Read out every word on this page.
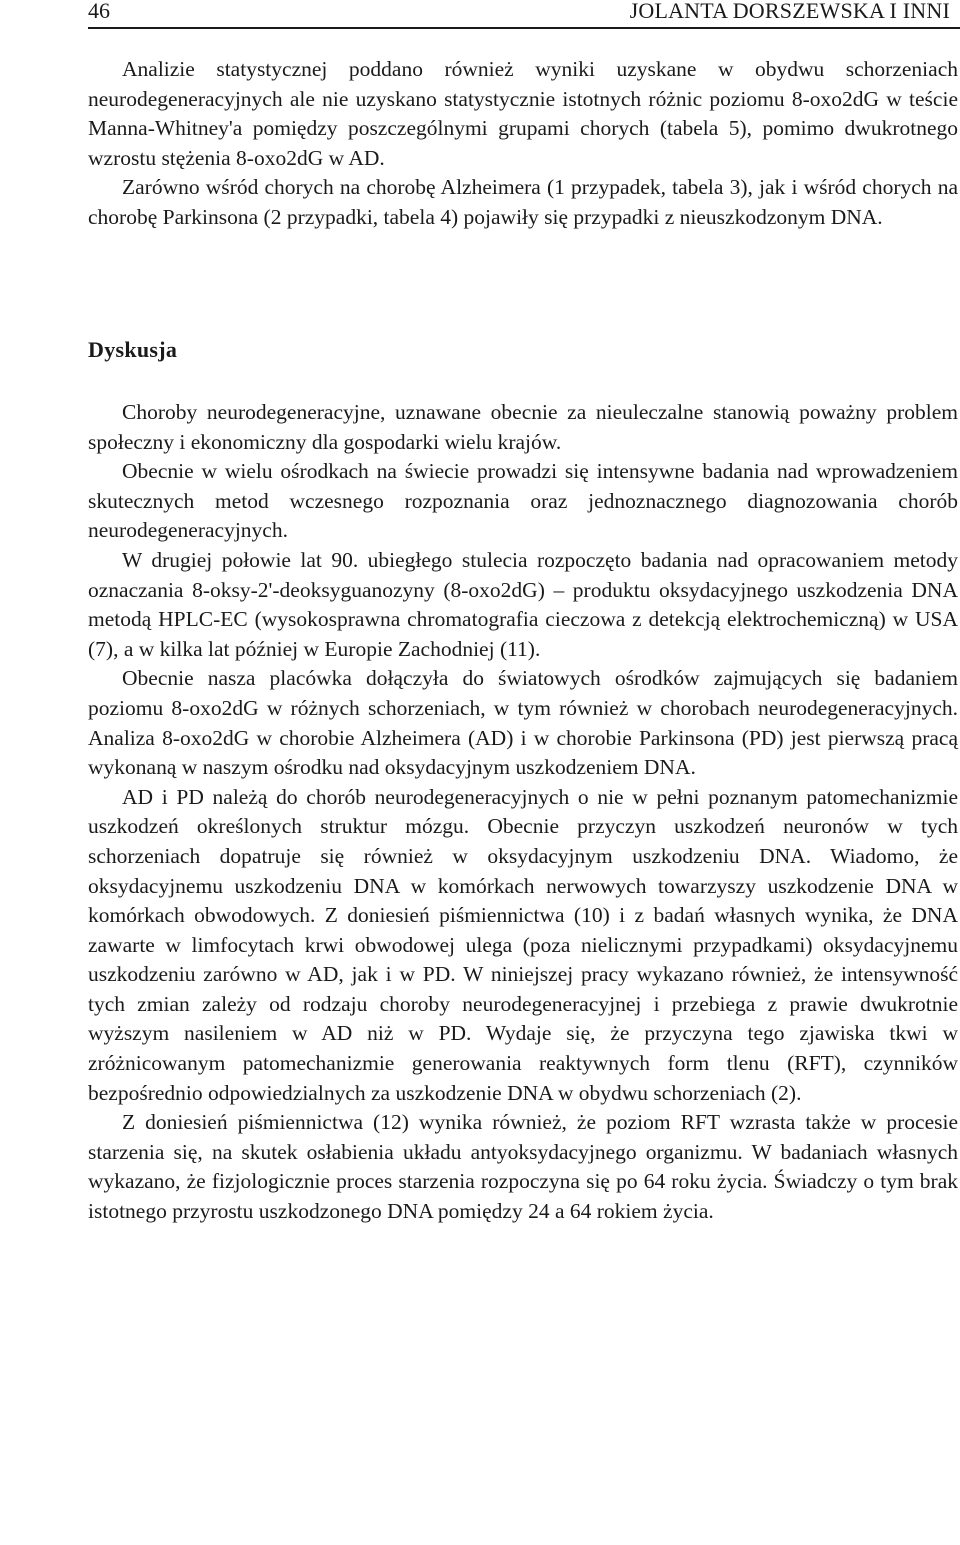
46	JOLANTA DORSZEWSKA I INNI

Analizie statystycznej poddano również wyniki uzyskane w obydwu schorzeniach neurodegeneracyjnych ale nie uzyskano statystycznie istotnych różnic poziomu 8-oxo2dG w teście Manna-Whitney'a pomiędzy poszczególnymi grupami chorych (tabela 5), pomimo dwukrotnego wzrostu stężenia 8-oxo2dG w AD.

Zarówno wśród chorych na chorobę Alzheimera (1 przypadek, tabela 3), jak i wśród chorych na chorobę Parkinsona (2 przypadki, tabela 4) pojawiły się przypadki z nieuszkodzonym DNA.

Dyskusja

Choroby neurodegeneracyjne, uznawane obecnie za nieuleczalne stanowią poważny problem społeczny i ekonomiczny dla gospodarki wielu krajów.

Obecnie w wielu ośrodkach na świecie prowadzi się intensywne badania nad wprowadzeniem skutecznych metod wczesnego rozpoznania oraz jednoznacznego diagnozowania chorób neurodegeneracyjnych.

W drugiej połowie lat 90. ubiegłego stulecia rozpoczęto badania nad opracowaniem metody oznaczania 8-oksy-2'-deoksyguanozyny (8-oxo2dG) – produktu oksydacyjnego uszkodzenia DNA metodą HPLC-EC (wysokosprawna chromatografia cieczowa z detekcją elektrochemiczną) w USA (7), a w kilka lat później w Europie Zachodniej (11).

Obecnie nasza placówka dołączyła do światowych ośrodków zajmujących się badaniem poziomu 8-oxo2dG w różnych schorzeniach, w tym również w chorobach neurodegeneracyjnych. Analiza 8-oxo2dG w chorobie Alzheimera (AD) i w chorobie Parkinsona (PD) jest pierwszą pracą wykonaną w naszym ośrodku nad oksydacyjnym uszkodzeniem DNA.

AD i PD należą do chorób neurodegeneracyjnych o nie w pełni poznanym patomechanizmie uszkodzeń określonych struktur mózgu. Obecnie przyczyn uszkodzeń neuronów w tych schorzeniach dopatruje się również w oksydacyjnym uszkodzeniu DNA. Wiadomo, że oksydacyjnemu uszkodzeniu DNA w komórkach nerwowych towarzyszy uszkodzenie DNA w komórkach obwodowych. Z doniesień piśmiennictwa (10) i z badań własnych wynika, że DNA zawarte w limfocytach krwi obwodowej ulega (poza nielicznymi przypadkami) oksydacyjnemu uszkodzeniu zarówno w AD, jak i w PD. W niniejszej pracy wykazano również, że intensywność tych zmian zależy od rodzaju choroby neurodegeneracyjnej i przebiega z prawie dwukrotnie wyższym nasileniem w AD niż w PD. Wydaje się, że przyczyna tego zjawiska tkwi w zróżnicowanym patomechanizmie generowania reaktywnych form tlenu (RFT), czynników bezpośrednio odpowiedzialnych za uszkodzenie DNA w obydwu schorzeniach (2).

Z doniesień piśmiennictwa (12) wynika również, że poziom RFT wzrasta także w procesie starzenia się, na skutek osłabienia układu antyoksydacyjnego organizmu. W badaniach własnych wykazano, że fizjologicznie proces starzenia rozpoczyna się po 64 roku życia. Świadczy o tym brak istotnego przyrostu uszkodzonego DNA pomiędzy 24 a 64 rokiem życia.
